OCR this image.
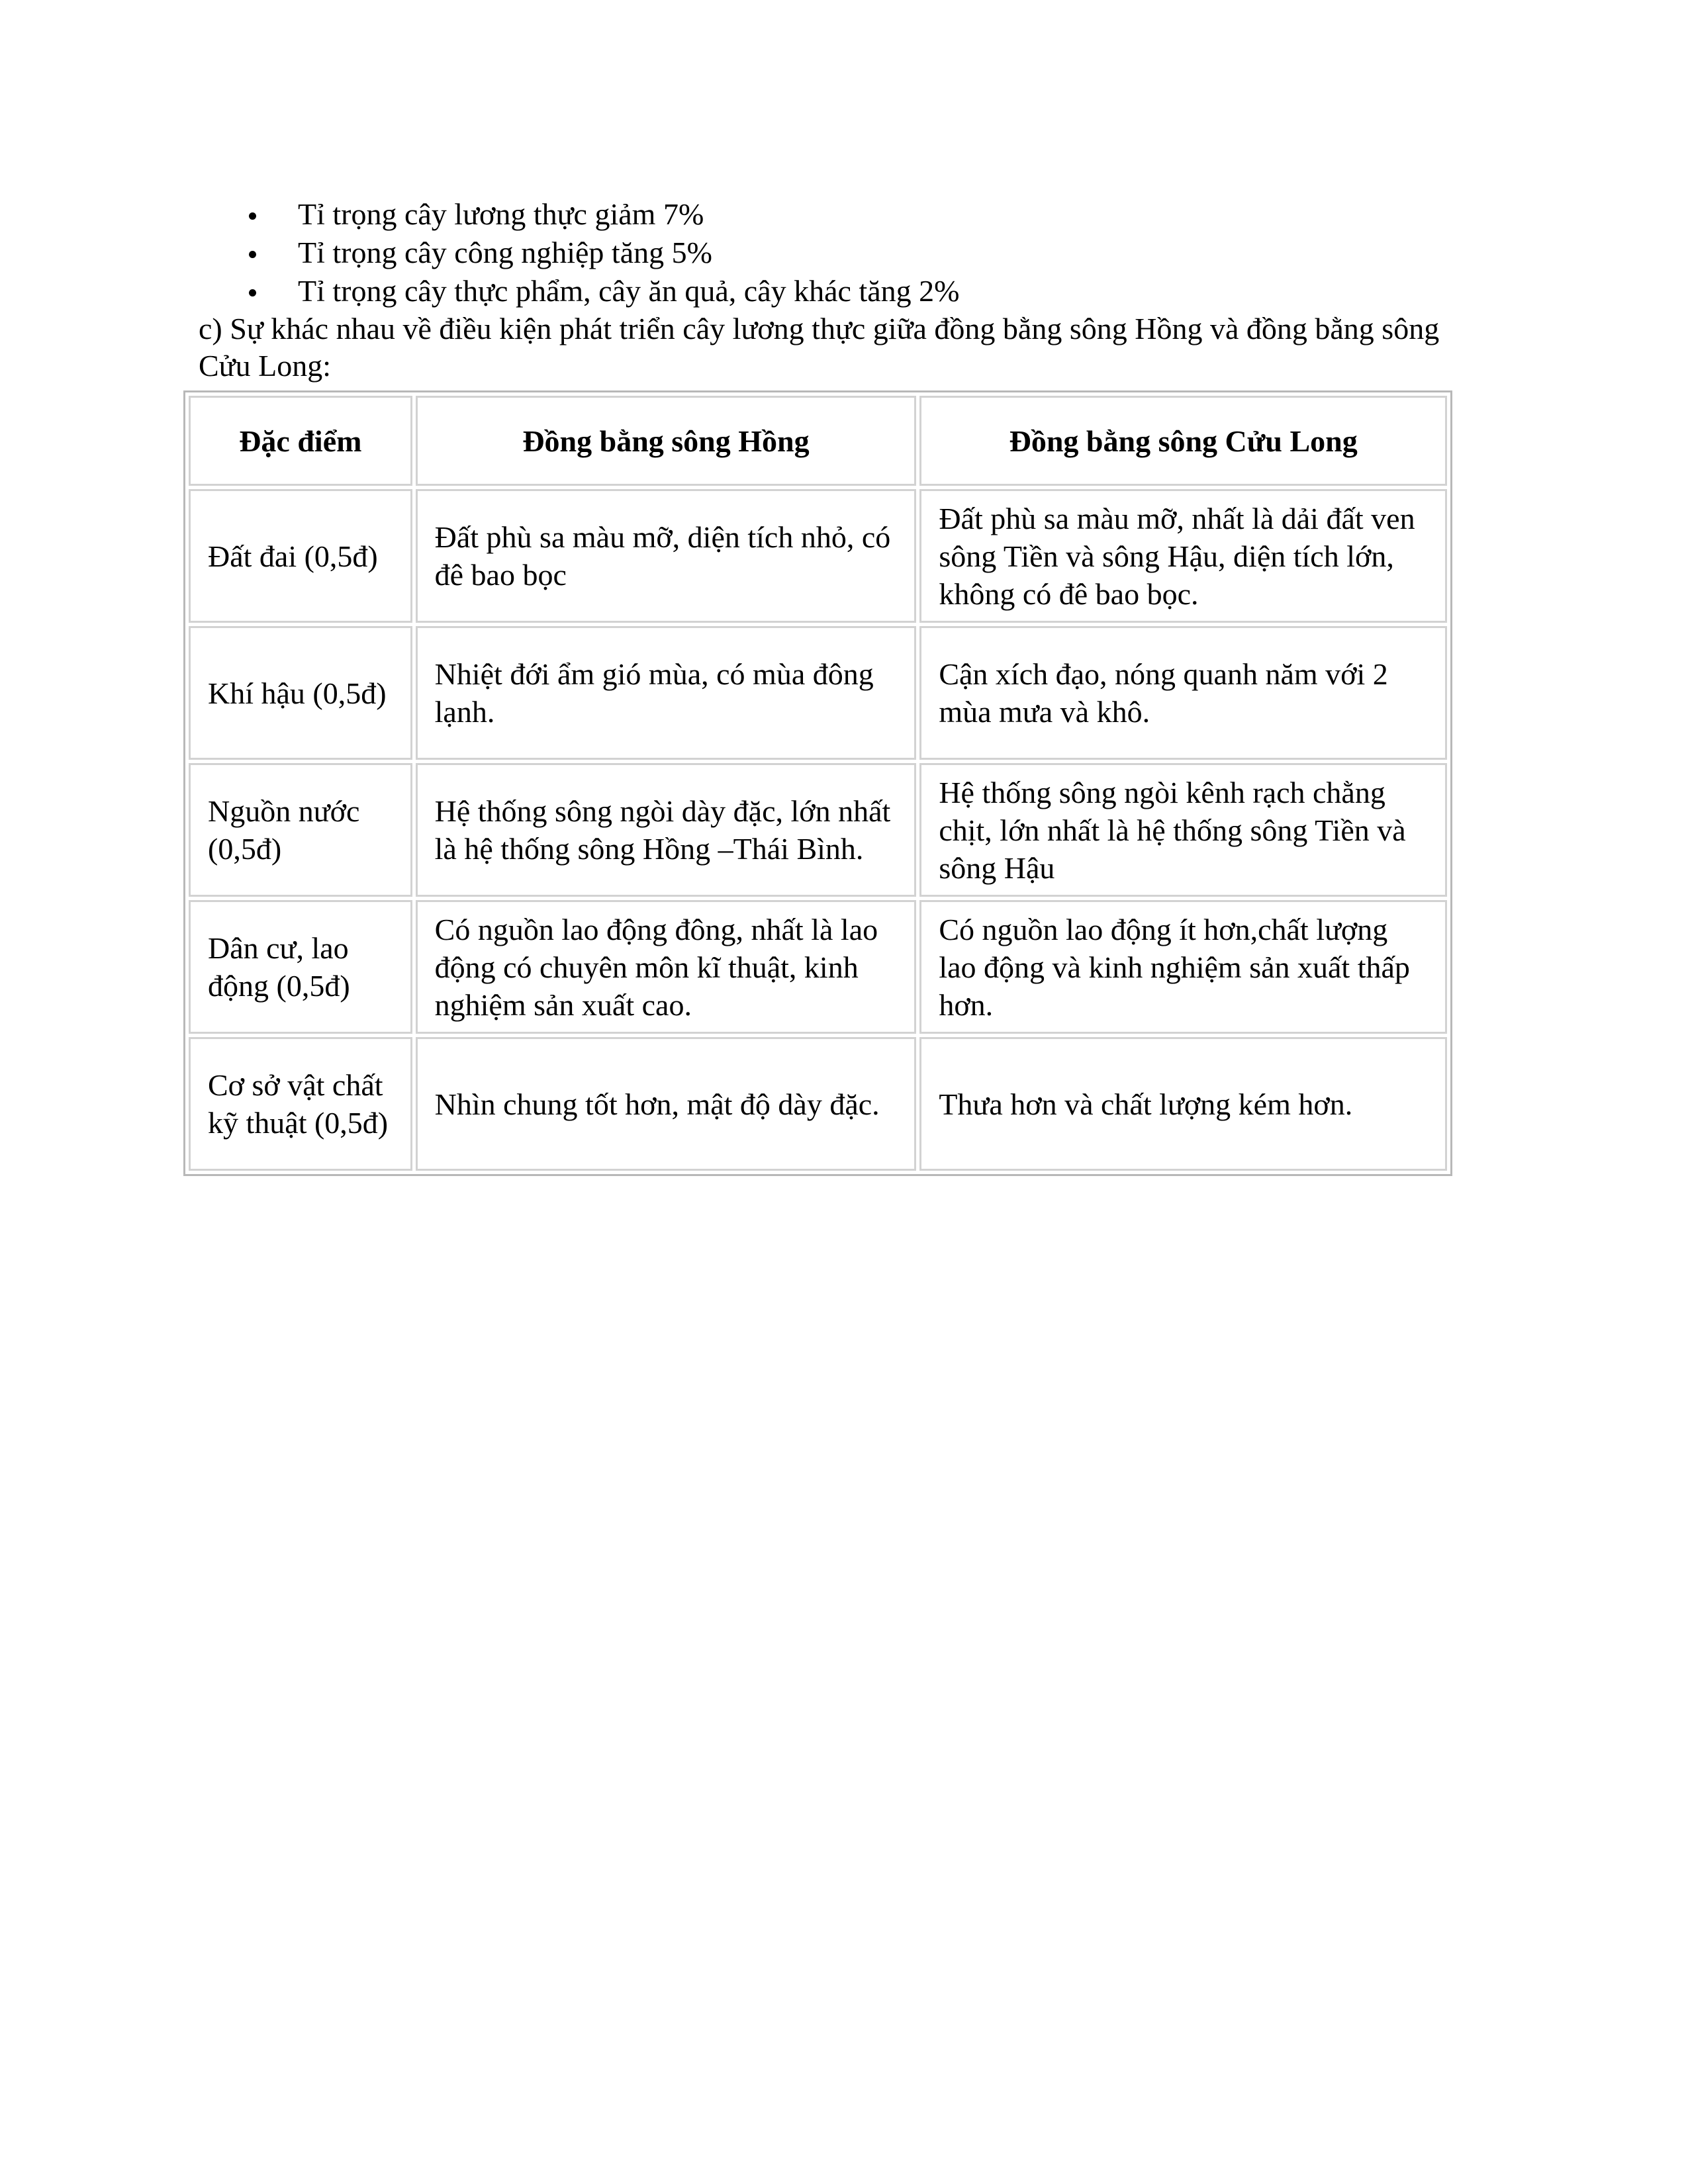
Tỉ trọng cây lương thực giảm 7%
Tỉ trọng cây công nghiệp tăng 5%
Tỉ trọng cây thực phẩm, cây ăn quả, cây khác tăng 2%

c) Sự khác nhau về điều kiện phát triển cây lương thực giữa đồng bằng sông Hồng và đồng bằng sông Cửu Long:

Đặc điểm	Đồng bằng sông Hồng	Đồng bằng sông Cửu Long
Đất đai (0,5đ)	Đất phù sa màu mỡ, diện tích nhỏ, có đê bao bọc	Đất phù sa màu mỡ, nhất là dải đất ven sông Tiền và sông Hậu, diện tích lớn, không có đê bao bọc.
Khí hậu (0,5đ)	Nhiệt đới ẩm gió mùa, có mùa đông lạnh.	Cận xích đạo, nóng quanh năm với 2 mùa mưa và khô.
Nguồn nước (0,5đ)	Hệ thống sông ngòi dày đặc, lớn nhất là hệ thống sông Hồng –Thái Bình.	Hệ thống sông ngòi kênh rạch chằng chịt, lớn nhất là hệ thống sông Tiền và sông Hậu
Dân cư, lao động (0,5đ)	Có nguồn lao động đông, nhất là lao động có chuyên môn kĩ thuật, kinh nghiệm sản xuất cao.	Có nguồn lao động ít hơn,chất lượng lao động và kinh nghiệm sản xuất thấp hơn.
Cơ sở vật chất kỹ thuật (0,5đ)	Nhìn chung tốt hơn, mật độ dày đặc.	Thưa hơn và chất lượng kém hơn.
